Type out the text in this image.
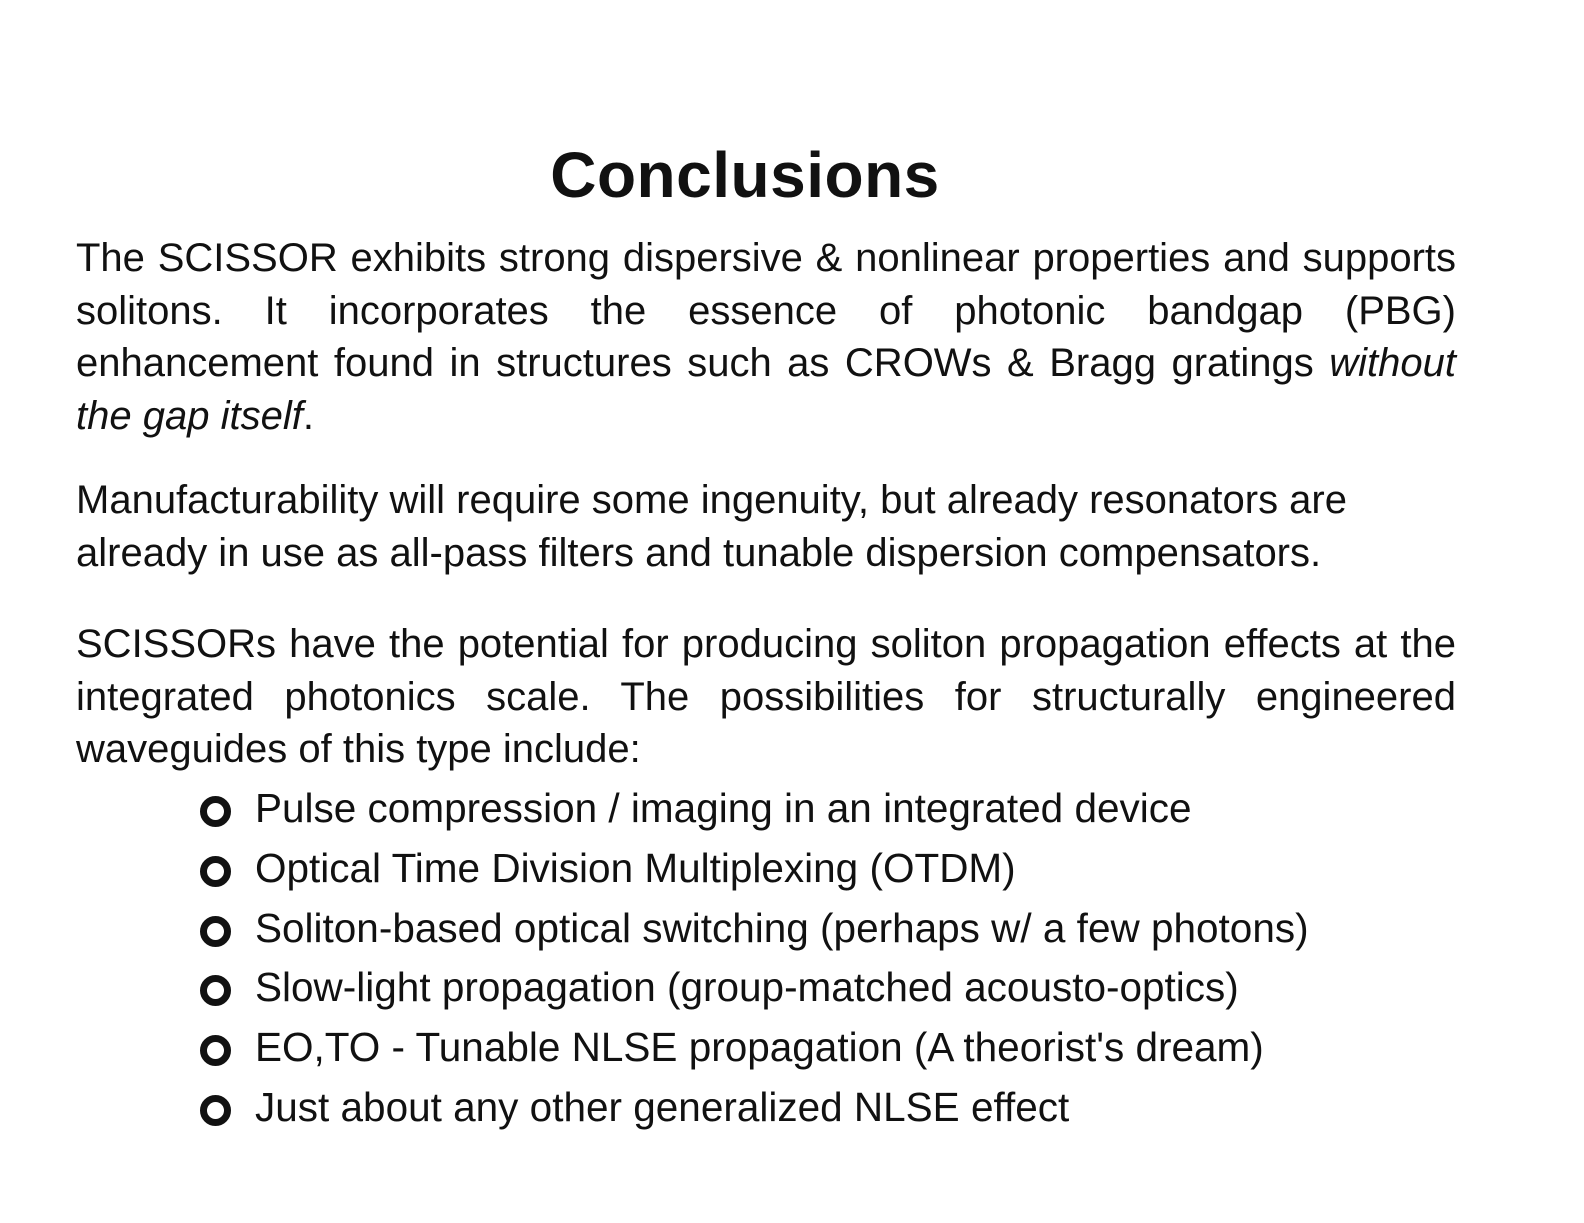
Conclusions

The SCISSOR exhibits strong dispersive & nonlinear properties and supports solitons. It incorporates the essence of photonic bandgap (PBG) enhancement found in structures such as CROWs & Bragg gratings without the gap itself.

Manufacturability will require some ingenuity, but already resonators are already in use as all-pass filters and tunable dispersion compensators.

SCISSORs have the potential for producing soliton propagation effects at the integrated photonics scale. The possibilities for structurally engineered waveguides of this type include:

Pulse compression / imaging in an integrated device
Optical Time Division Multiplexing (OTDM)
Soliton-based optical switching (perhaps w/ a few photons)
Slow-light propagation (group-matched acousto-optics)
EO,TO - Tunable NLSE propagation (A theorist's dream)
Just about any other generalized NLSE effect
